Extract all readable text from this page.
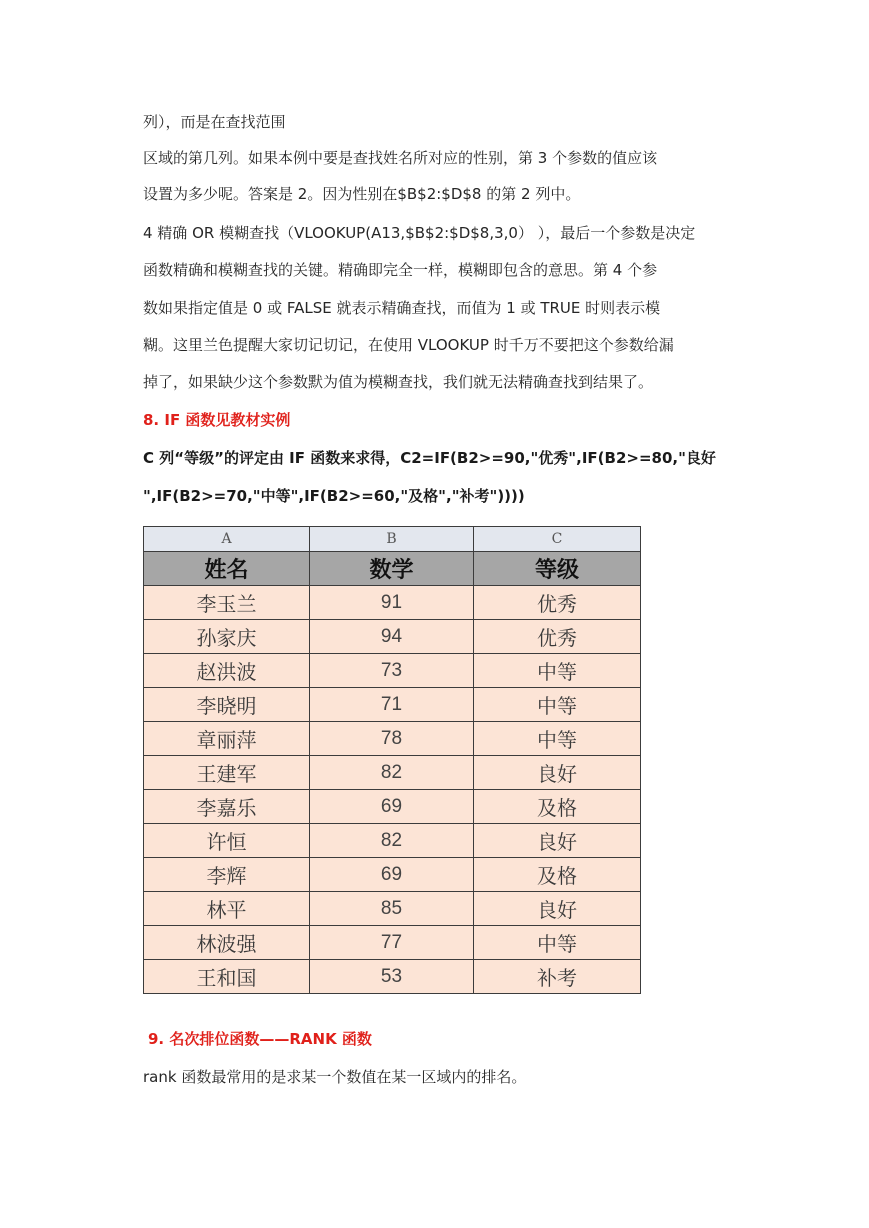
列），而是在查找范围
区域的第几列。如果本例中要是查找姓名所对应的性别，第 3 个参数的值应该
设置为多少呢。答案是 2。因为性别在$B$2:$D$8 的第 2 列中。
4 精确 OR 模糊查找（VLOOKUP(A13,$B$2:$D$8,3,0） ），最后一个参数是决定
函数精确和模糊查找的关键。精确即完全一样，模糊即包含的意思。第 4 个参
数如果指定值是 0 或 FALSE 就表示精确查找，而值为 1 或 TRUE 时则表示模
糊。这里兰色提醒大家切记切记，在使用 VLOOKUP 时千万不要把这个参数给漏
掉了，如果缺少这个参数默为值为模糊查找，我们就无法精确查找到结果了。
8. IF 函数见教材实例
C 列“等级”的评定由 IF 函数来求得，C2=IF(B2>=90,"优秀",IF(B2>=80,"良好
",IF(B2>=70,"中等",IF(B2>=60,"及格","补考"))))
A	B	C
姓名	数学	等级
李玉兰	91	优秀
孙家庆	94	优秀
赵洪波	73	中等
李晓明	71	中等
章丽萍	78	中等
王建军	82	良好
李嘉乐	69	及格
许恒	82	良好
李辉	69	及格
林平	85	良好
林波强	77	中等
王和国	53	补考
9. 名次排位函数——RANK 函数
rank 函数最常用的是求某一个数值在某一区域内的排名。
